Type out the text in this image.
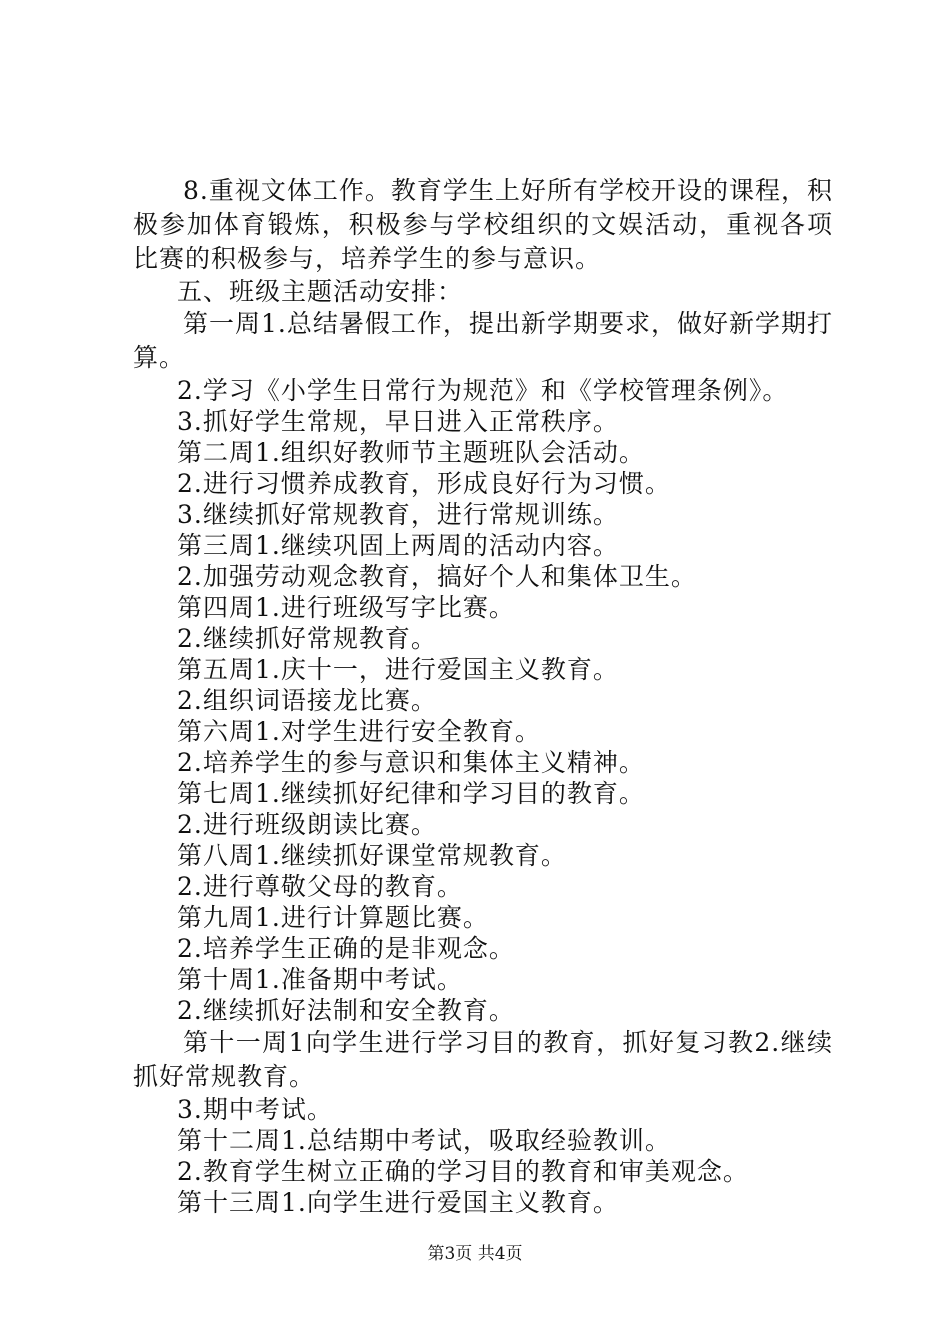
8.重视文体工作。教育学生上好所有学校开设的课程，积极参加体育锻炼，积极参与学校组织的文娱活动，重视各项比赛的积极参与，培养学生的参与意识。

五、班级主题活动安排：

第一周1.总结暑假工作，提出新学期要求，做好新学期打算。

2.学习《小学生日常行为规范》和《学校管理条例》。

3.抓好学生常规，早日进入正常秩序。

第二周1.组织好教师节主题班队会活动。

2.进行习惯养成教育，形成良好行为习惯。

3.继续抓好常规教育，进行常规训练。

第三周1.继续巩固上两周的活动内容。

2.加强劳动观念教育，搞好个人和集体卫生。

第四周1.进行班级写字比赛。

2.继续抓好常规教育。

第五周1.庆十一，进行爱国主义教育。

2.组织词语接龙比赛。

第六周1.对学生进行安全教育。

2.培养学生的参与意识和集体主义精神。

第七周1.继续抓好纪律和学习目的教育。

2.进行班级朗读比赛。

第八周1.继续抓好课堂常规教育。

2.进行尊敬父母的教育。

第九周1.进行计算题比赛。

2.培养学生正确的是非观念。

第十周1.准备期中考试。

2.继续抓好法制和安全教育。

第十一周1向学生进行学习目的教育，抓好复习教2.继续抓好常规教育。

3.期中考试。

第十二周1.总结期中考试，吸取经验教训。

2.教育学生树立正确的学习目的教育和审美观念。

第十三周1.向学生进行爱国主义教育。

第3页 共4页
